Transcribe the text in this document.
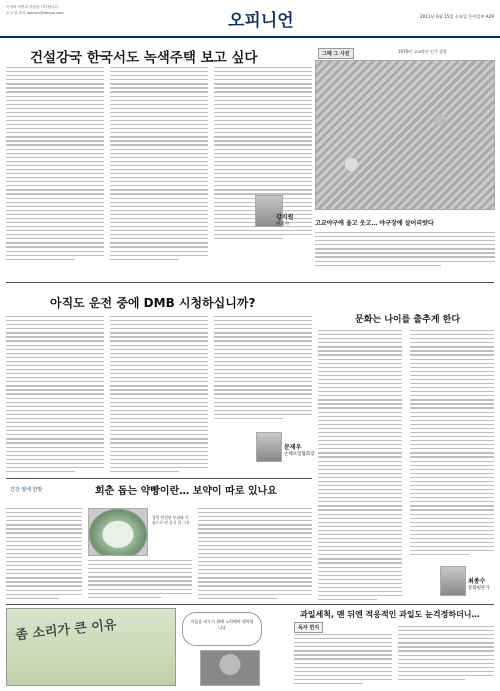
독자의 의견과 비판을 기다립니다
투고 및 문의 opinion@donga.com	오피니언	2011년 6월 15일 수요일 동아일보 A29
건설강국 한국서도 녹색주택 보고 싶다
강지원
변호사
그때 그 사진	1970년 고교야구 인기 절정
고교야구에 울고 웃고… 야구장에 살어리랏다
아직도 운전 중에 DMB 시청하십니까?
문재우
손해보험협회장
문화는 나이를 출추게 한다
최종수
문화평론가
건강 옆에 한방	회춘 돕는 약빵이란… 보약이 따로 있나요
경락 연결된 부위와 이름으로 된 음식 한 그릇
좀 소리가 큰 이유	마음을 비우기 위해 노력해야 행복합니다
과일세척, 맨 뒤엔 적응적인 과일도 눈걱정하더니…
독자 편지
